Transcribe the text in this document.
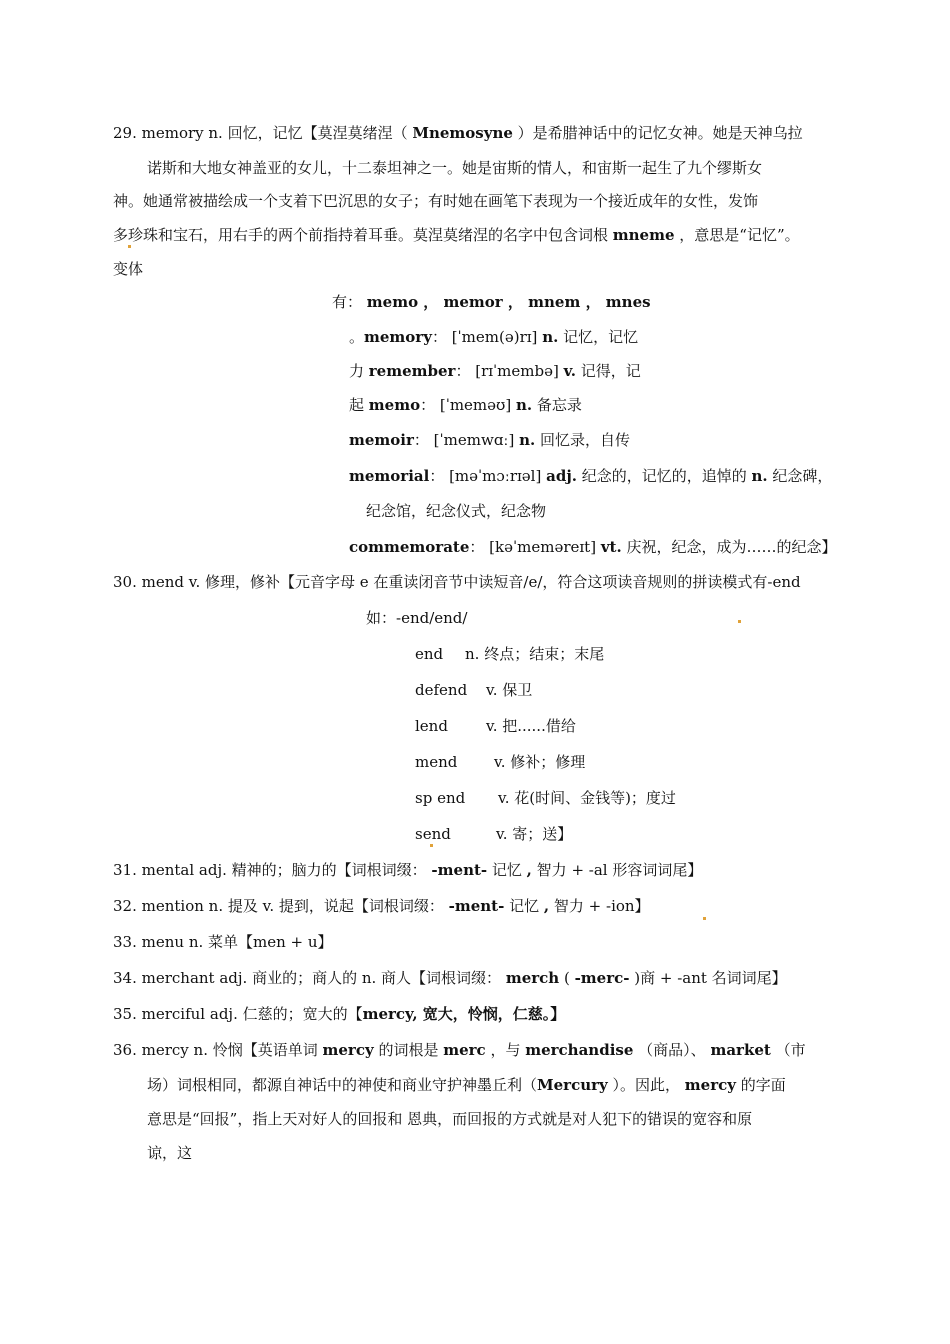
29. memory n. 回忆，记忆【莫涅莫绪涅（ Mnemosyne ）是希腊神话中的记忆女神。她是天神乌拉
诺斯和大地女神盖亚的女儿，十二泰坦神之一。她是宙斯的情人，和宙斯一起生了九个缪斯女
神。她通常被描绘成一个支着下巴沉思的女子；有时她在画笔下表现为一个接近成年的女性，发饰
多珍珠和宝石，用右手的两个前指持着耳垂。莫涅莫绪涅的名字中包含词根 mneme ，意思是“记忆”。
变体
有： memo ， memor ， mnem ， mnes
。memory： [ˈmem(ə)rɪ] n. 记忆，记忆
力 remember： [rɪˈmembə] v. 记得，记
起 memo： [ˈmeməʊ] n. 备忘录
memoir： [ˈmemwɑː] n. 回忆录，自传
memorial： [məˈmɔːrɪəl] adj. 纪念的，记忆的，追悼的 n. 纪念碑，
纪念馆，纪念仪式，纪念物
commemorate： [kəˈmeməreɪt] vt. 庆祝，纪念，成为……的纪念】
30. mend v. 修理，修补【元音字母 e 在重读闭音节中读短音/e/，符合这项读音规则的拼读模式有-end
如：-end/end/
end n. 终点；结束；末尾
defend v. 保卫
lend	v. 把......借给
mend v. 修补；修理
sp end v. 花(时间、金钱等)；度过
send	v. 寄；送】
31. mental adj. 精神的；脑力的【词根词缀： -ment- 记忆 , 智力 + -al 形容词词尾】
32. mention n. 提及 v. 提到，说起【词根词缀： -ment- 记忆 , 智力 + -ion】
33. menu n. 菜单【men + u】
34. merchant adj. 商业的；商人的 n. 商人【词根词缀： merch ( -merc- )商 + -ant 名词词尾】
35. merciful adj. 仁慈的；宽大的【mercy, 宽大，怜悯，仁慈。】
36. mercy n. 怜悯【英语单词 mercy 的词根是 merc ，与 merchandise （商品）、 market （市
场）词根相同，都源自神话中的神使和商业守护神墨丘利（Mercury ）。因此， mercy 的字面
意思是“回报”，指上天对好人的回报和 恩典，而回报的方式就是对人犯下的错误的宽容和原
谅，这
